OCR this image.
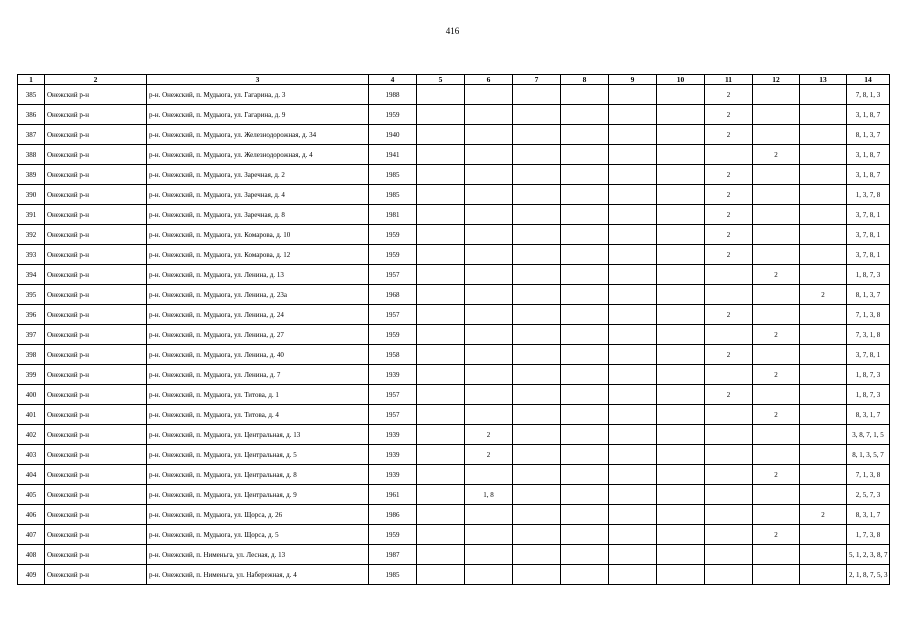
416
1	2	3	4	5	6	7	8	9	10	11	12	13	14
385	Онежский р-н	р-н. Онежский, п. Мудьюга, ул. Гагарина, д. 3	1988							2			7, 8, 1, 3
386	Онежский р-н	р-н. Онежский, п. Мудьюга, ул. Гагарина, д. 9	1959							2			3, 1, 8, 7
387	Онежский р-н	р-н. Онежский, п. Мудьюга, ул. Железнодорожная, д. 34	1940							2			8, 1, 3, 7
388	Онежский р-н	р-н. Онежский, п. Мудьюга, ул. Железнодорожная, д. 4	1941								2		3, 1, 8, 7
389	Онежский р-н	р-н. Онежский, п. Мудьюга, ул. Заречная, д. 2	1985							2			3, 1, 8, 7
390	Онежский р-н	р-н. Онежский, п. Мудьюга, ул. Заречная, д. 4	1985							2			1, 3, 7, 8
391	Онежский р-н	р-н. Онежский, п. Мудьюга, ул. Заречная, д. 8	1981							2			3, 7, 8, 1
392	Онежский р-н	р-н. Онежский, п. Мудьюга, ул. Комарова, д. 10	1959							2			3, 7, 8, 1
393	Онежский р-н	р-н. Онежский, п. Мудьюга, ул. Комарова, д. 12	1959							2			3, 7, 8, 1
394	Онежский р-н	р-н. Онежский, п. Мудьюга, ул. Ленина, д. 13	1957								2		1, 8, 7, 3
395	Онежский р-н	р-н. Онежский, п. Мудьюга, ул. Ленина, д. 23а	1968									2	8, 1, 3, 7
396	Онежский р-н	р-н. Онежский, п. Мудьюга, ул. Ленина, д. 24	1957							2			7, 1, 3, 8
397	Онежский р-н	р-н. Онежский, п. Мудьюга, ул. Ленина, д. 27	1959								2		7, 3, 1, 8
398	Онежский р-н	р-н. Онежский, п. Мудьюга, ул. Ленина, д. 40	1958							2			3, 7, 8, 1
399	Онежский р-н	р-н. Онежский, п. Мудьюга, ул. Ленина, д. 7	1939								2		1, 8, 7, 3
400	Онежский р-н	р-н. Онежский, п. Мудьюга, ул. Титова, д. 1	1957							2			1, 8, 7, 3
401	Онежский р-н	р-н. Онежский, п. Мудьюга, ул. Титова, д. 4	1957								2		8, 3, 1, 7
402	Онежский р-н	р-н. Онежский, п. Мудьюга, ул. Центральная, д. 13	1939		2								3, 8, 7, 1, 5
403	Онежский р-н	р-н. Онежский, п. Мудьюга, ул. Центральная, д. 5	1939		2								8, 1, 3, 5, 7
404	Онежский р-н	р-н. Онежский, п. Мудьюга, ул. Центральная, д. 8	1939								2		7, 1, 3, 8
405	Онежский р-н	р-н. Онежский, п. Мудьюга, ул. Центральная, д. 9	1961		1, 8								2, 5, 7, 3
406	Онежский р-н	р-н. Онежский, п. Мудьюга, ул. Щорса, д. 26	1986									2	8, 3, 1, 7
407	Онежский р-н	р-н. Онежский, п. Мудьюга, ул. Щорса, д. 5	1959								2		1, 7, 3, 8
408	Онежский р-н	р-н. Онежский, п. Нименьга, ул. Лесная, д. 13	1987										5, 1, 2, 3, 8, 7
409	Онежский р-н	р-н. Онежский, п. Нименьга, ул. Набережная, д. 4	1985										2, 1, 8, 7, 5, 3
